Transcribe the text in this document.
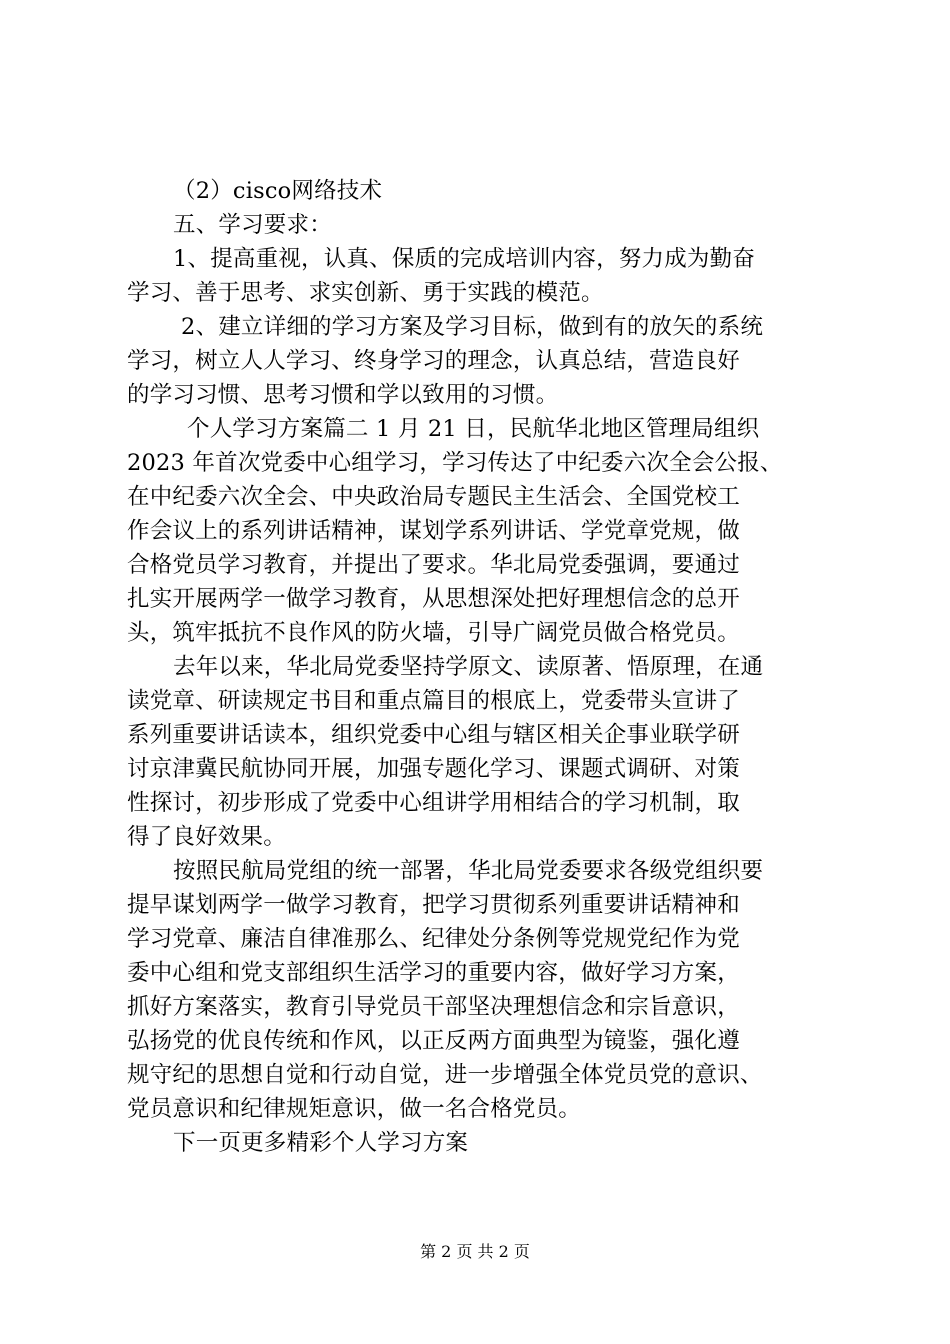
（2）cisco网络技术
五、学习要求：
1、提高重视，认真、保质的完成培训内容，努力成为勤奋
学习、善于思考、求实创新、勇于实践的模范。
2、建立详细的学习方案及学习目标，做到有的放矢的系统
学习，树立人人学习、终身学习的理念，认真总结，营造良好
的学习习惯、思考习惯和学以致用的习惯。
个人学习方案篇二 1 月 21 日，民航华北地区管理局组织
2023 年首次党委中心组学习，学习传达了中纪委六次全会公报、
在中纪委六次全会、中央政治局专题民主生活会、全国党校工
作会议上的系列讲话精神，谋划学系列讲话、学党章党规，做
合格党员学习教育，并提出了要求。华北局党委强调，要通过
扎实开展两学一做学习教育，从思想深处把好理想信念的总开
头，筑牢抵抗不良作风的防火墙，引导广阔党员做合格党员。
去年以来，华北局党委坚持学原文、读原著、悟原理，在通
读党章、研读规定书目和重点篇目的根底上，党委带头宣讲了
系列重要讲话读本，组织党委中心组与辖区相关企事业联学研
讨京津冀民航协同开展，加强专题化学习、课题式调研、对策
性探讨，初步形成了党委中心组讲学用相结合的学习机制，取
得了良好效果。
按照民航局党组的统一部署，华北局党委要求各级党组织要
提早谋划两学一做学习教育，把学习贯彻系列重要讲话精神和
学习党章、廉洁自律准那么、纪律处分条例等党规党纪作为党
委中心组和党支部组织生活学习的重要内容，做好学习方案，
抓好方案落实，教育引导党员干部坚决理想信念和宗旨意识，
弘扬党的优良传统和作风，以正反两方面典型为镜鉴，强化遵
规守纪的思想自觉和行动自觉，进一步增强全体党员党的意识、
党员意识和纪律规矩意识，做一名合格党员。
下一页更多精彩个人学习方案
第 2 页 共 2 页
